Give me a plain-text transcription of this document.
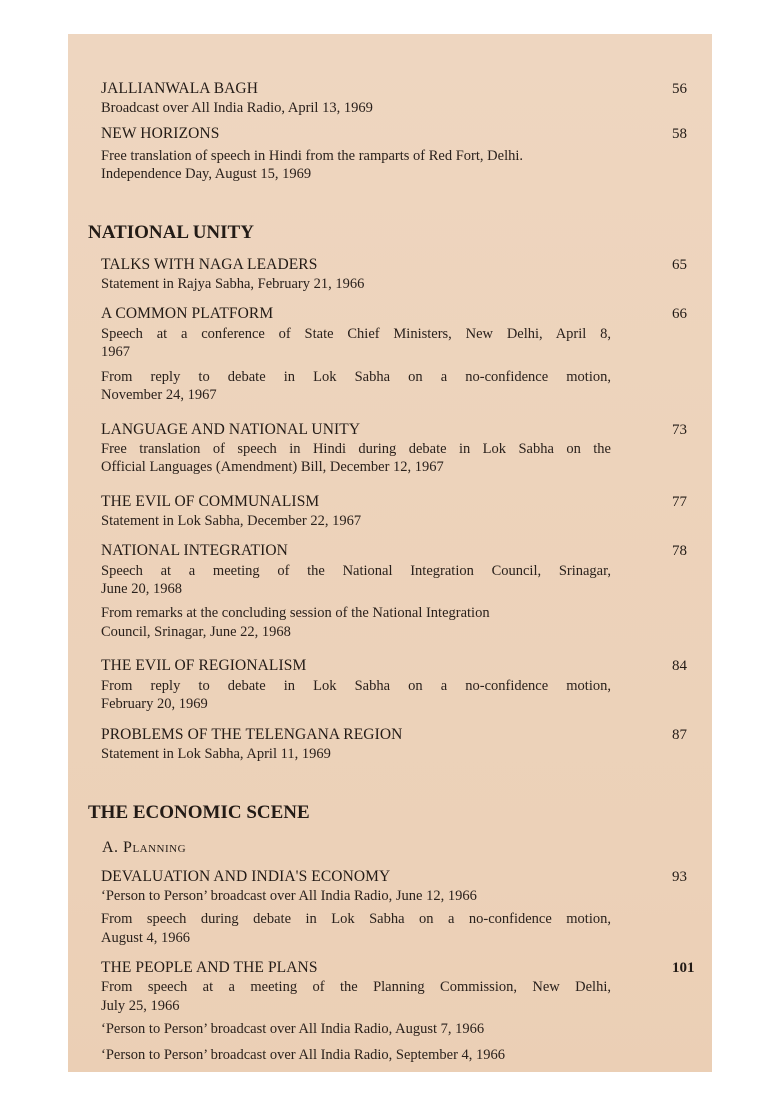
JALLIANWALA BAGH	56
Broadcast over All India Radio, April 13, 1969
NEW HORIZONS	58
Free translation of speech in Hindi from the ramparts of Red Fort, Delhi.
Independence Day, August 15, 1969
NATIONAL UNITY
TALKS WITH NAGA LEADERS	65
Statement in Rajya Sabha, February 21, 1966
A COMMON PLATFORM	66
Speech at a conference of State Chief Ministers, New Delhi, April 8,
1967
From reply to debate in Lok Sabha on a no-confidence motion,
November 24, 1967
LANGUAGE AND NATIONAL UNITY	73
Free translation of speech in Hindi during debate in Lok Sabha on the
Official Languages (Amendment) Bill, December 12, 1967
THE EVIL OF COMMUNALISM	77
Statement in Lok Sabha, December 22, 1967
NATIONAL INTEGRATION	78
Speech at a meeting of the National Integration Council, Srinagar,
June 20, 1968
From remarks at the concluding session of the National Integration
Council, Srinagar, June 22, 1968
THE EVIL OF REGIONALISM	84
From reply to debate in Lok Sabha on a no-confidence motion,
February 20, 1969
PROBLEMS OF THE TELENGANA REGION	87
Statement in Lok Sabha, April 11, 1969
THE ECONOMIC SCENE
A. Planning
DEVALUATION AND INDIA'S ECONOMY	93
‘Person to Person’ broadcast over All India Radio, June 12, 1966
From speech during debate in Lok Sabha on a no-confidence motion,
August 4, 1966
THE PEOPLE AND THE PLANS	101
From speech at a meeting of the Planning Commission, New Delhi,
July 25, 1966
‘Person to Person’ broadcast over All India Radio, August 7, 1966
‘Person to Person’ broadcast over All India Radio, September 4, 1966
